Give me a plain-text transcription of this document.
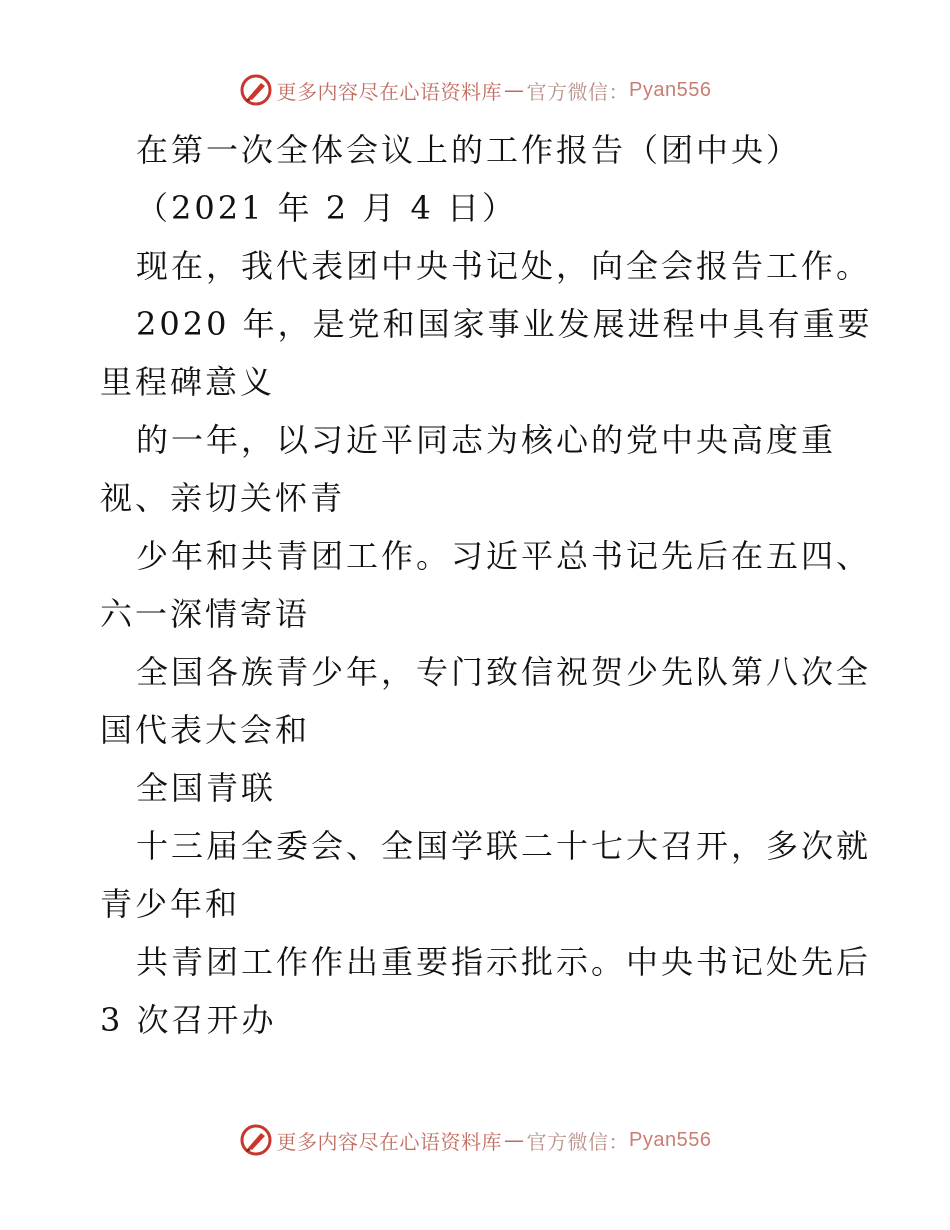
更多内容尽在心语资料库 — 官方微信： Pyan556
在第一次全体会议上的工作报告（团中央）
（2021 年 2 月 4 日）
现在，我代表团中央书记处，向全会报告工作。
2020 年，是党和国家事业发展进程中具有重要
里程碑意义
的一年，以习近平同志为核心的党中央高度重
视、亲切关怀青
少年和共青团工作。习近平总书记先后在五四、
六一深情寄语
全国各族青少年，专门致信祝贺少先队第八次全
国代表大会和
全国青联
十三届全委会、全国学联二十七大召开，多次就
青少年和
共青团工作作出重要指示批示。中央书记处先后
3 次召开办
更多内容尽在心语资料库 — 官方微信： Pyan556
